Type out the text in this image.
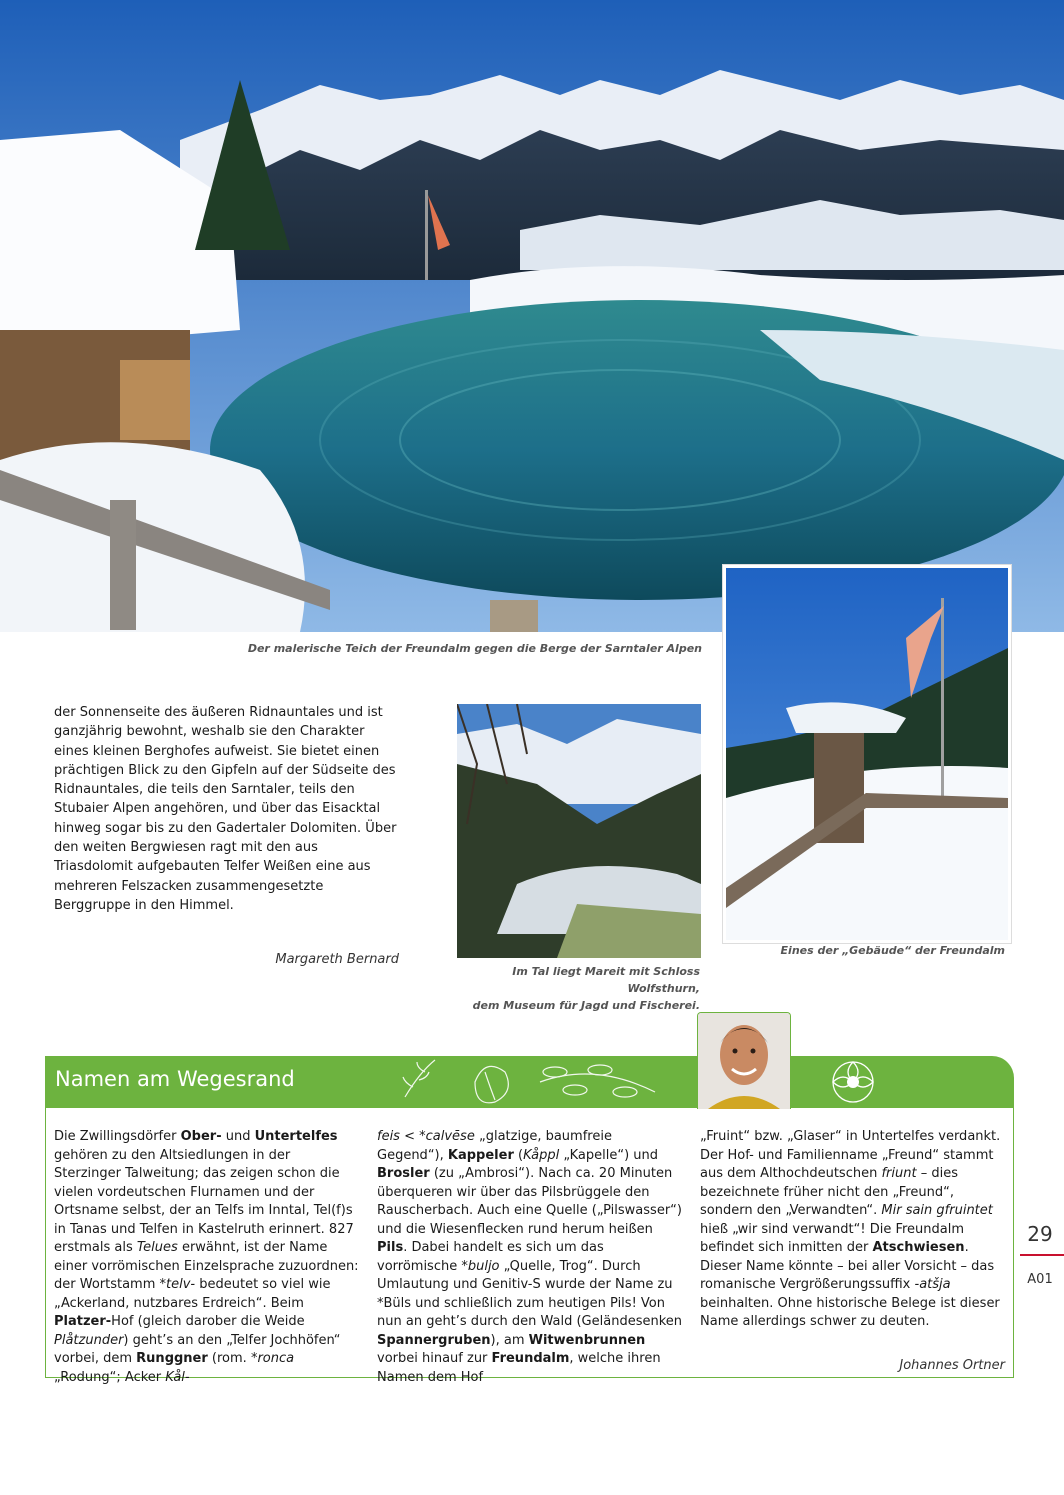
Der malerische Teich der Freundalm gegen die Berge der Sarntaler Alpen
Eines der „Gebäude“ der Freundalm
Im Tal liegt Mareit mit Schloss Wolfsthurn,
dem Museum für Jagd und Fischerei.

der Sonnenseite des äußeren Ridnauntales und ist ganzjährig bewohnt, weshalb sie den Charakter eines kleinen Berghofes aufweist. Sie bietet einen prächtigen Blick zu den Gipfeln auf der Südseite des Ridnauntales, die teils den Sarntaler, teils den Stubaier Alpen angehören, und über das Eisacktal hinweg sogar bis zu den Gadertaler Dolomiten. Über den weiten Bergwiesen ragt mit den aus Triasdolomit aufgebauten Telfer Weißen eine aus mehreren Felszacken zusammengesetzte Berggruppe in den Himmel.

Margareth Bernard
Namen am Wegesrand

Die Zwillingsdörfer Ober- und Untertelfes gehören zu den Altsiedlungen in der Sterzinger Talweitung; das zeigen schon die vielen vordeutschen Flurnamen und der Ortsname selbst, der an Telfs im Inntal, Tel(f)s in Tanas und Telfen in Kastelruth erinnert. 827 erstmals als Telues erwähnt, ist der Name einer vorrömischen Einzelsprache zuzuordnen: der Wortstamm *telv- bedeutet so viel wie „Ackerland, nutzbares Erdreich“. Beim Platzer-Hof (gleich darober die Weide Plåtzunder) geht’s an den „Telfer Jochhöfen“ vorbei, dem Runggner (rom. *ronca „Rodung“; Acker Kål-

feis < *calvēse „glatzige, baumfreie Gegend“), Kappeler (Kåppl „Kapelle“) und Brosler (zu „Ambrosi“). Nach ca. 20 Minuten überqueren wir über das Pilsbrüggele den Rauscherbach. Auch eine Quelle („Pilswasser“) und die Wiesenflecken rund herum heißen Pils. Dabei handelt es sich um das vorrömische *buljo „Quelle, Trog“. Durch Umlautung und Genitiv-S wurde der Name zu *Büls und schließlich zum heutigen Pils! Von nun an geht’s durch den Wald (Geländesenken Spannergruben), am Witwenbrunnen vorbei hinauf zur Freundalm, welche ihren Namen dem Hof

„Fruint“ bzw. „Glaser“ in Untertelfes verdankt. Der Hof- und Familienname „Freund“ stammt aus dem Althochdeutschen friunt – dies bezeichnete früher nicht den „Freund“, sondern den „Verwandten“. Mir sain gfruintet hieß „wir sind verwandt“! Die Freundalm befindet sich inmitten der Atschwiesen. Dieser Name könnte – bei aller Vorsicht – das romanische Vergrößerungssuffix -atšja beinhalten. Ohne historische Belege ist dieser Name allerdings schwer zu deuten.

Johannes Ortner
29
A01
